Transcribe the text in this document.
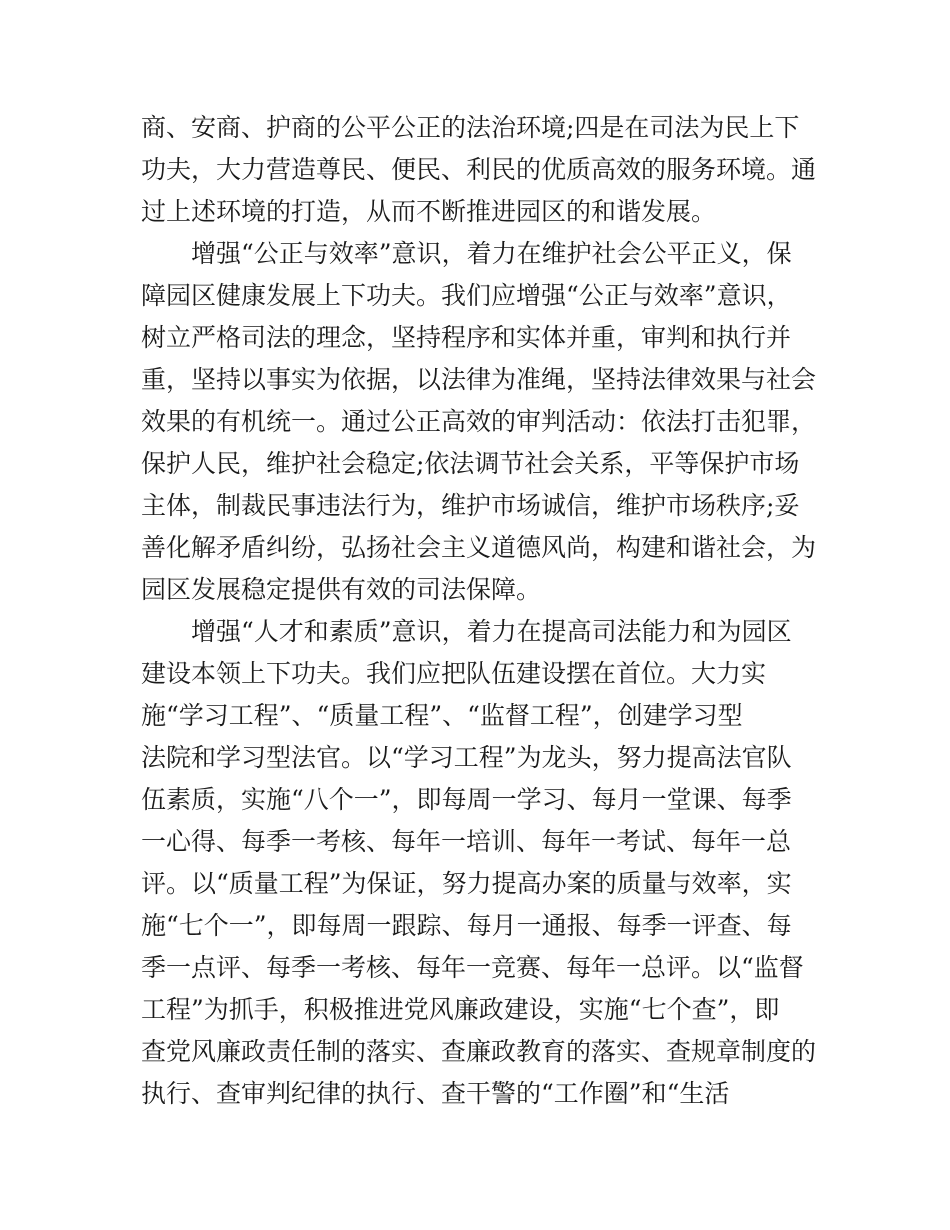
商、安商、护商的公平公正的法治环境;四是在司法为民上下
功夫，大力营造尊民、便民、利民的优质高效的服务环境。通
过上述环境的打造，从而不断推进园区的和谐发展。
　　增强“公正与效率”意识，着力在维护社会公平正义，保
障园区健康发展上下功夫。我们应增强“公正与效率”意识，
树立严格司法的理念，坚持程序和实体并重，审判和执行并
重，坚持以事实为依据，以法律为准绳，坚持法律效果与社会
效果的有机统一。通过公正高效的审判活动：依法打击犯罪，
保护人民，维护社会稳定;依法调节社会关系，平等保护市场
主体，制裁民事违法行为，维护市场诚信，维护市场秩序;妥
善化解矛盾纠纷，弘扬社会主义道德风尚，构建和谐社会，为
园区发展稳定提供有效的司法保障。
　　增强“人才和素质”意识，着力在提高司法能力和为园区
建设本领上下功夫。我们应把队伍建设摆在首位。大力实
施“学习工程”、“质量工程”、“监督工程”，创建学习型
法院和学习型法官。以“学习工程”为龙头，努力提高法官队
伍素质，实施“八个一”，即每周一学习、每月一堂课、每季
一心得、每季一考核、每年一培训、每年一考试、每年一总
评。以“质量工程”为保证，努力提高办案的质量与效率，实
施“七个一”，即每周一跟踪、每月一通报、每季一评查、每
季一点评、每季一考核、每年一竞赛、每年一总评。以“监督
工程”为抓手，积极推进党风廉政建设，实施“七个查”，即
查党风廉政责任制的落实、查廉政教育的落实、查规章制度的
执行、查审判纪律的执行、查干警的“工作圈”和“生活
